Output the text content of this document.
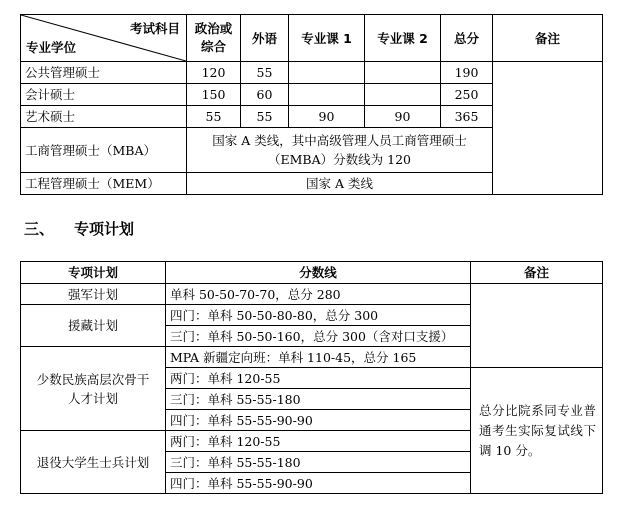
考试科目
专业学位	政治或综合	外语	专业课 1	专业课 2	总分	备注
公共管理硕士	120	55			190	
会计硕士	150	60			250	
艺术硕士	55	55	90	90	365	
工商管理硕士（MBA）	国家 A 类线，其中高级管理人员工商管理硕士（EMBA）分数线为 120					
工程管理硕士（MEM）	国家 A 类线					
三、 专项计划
专项计划	分数线	备注
强军计划	单科 50-50-70-70，总分 280	
援藏计划	四门：单科 50-50-80-80，总分 300	
	三门：单科 50-50-160，总分 300（含对口支援）	
少数民族高层次骨干人才计划	MPA 新疆定向班：单科 110-45，总分 165	
	两门：单科 120-55	总分比院系同专业普通考生实际复试线下调 10 分。
	三门：单科 55-55-180	
	四门：单科 55-55-90-90	
退役大学生士兵计划	两门：单科 120-55	
	三门：单科 55-55-180	
	四门：单科 55-55-90-90	
